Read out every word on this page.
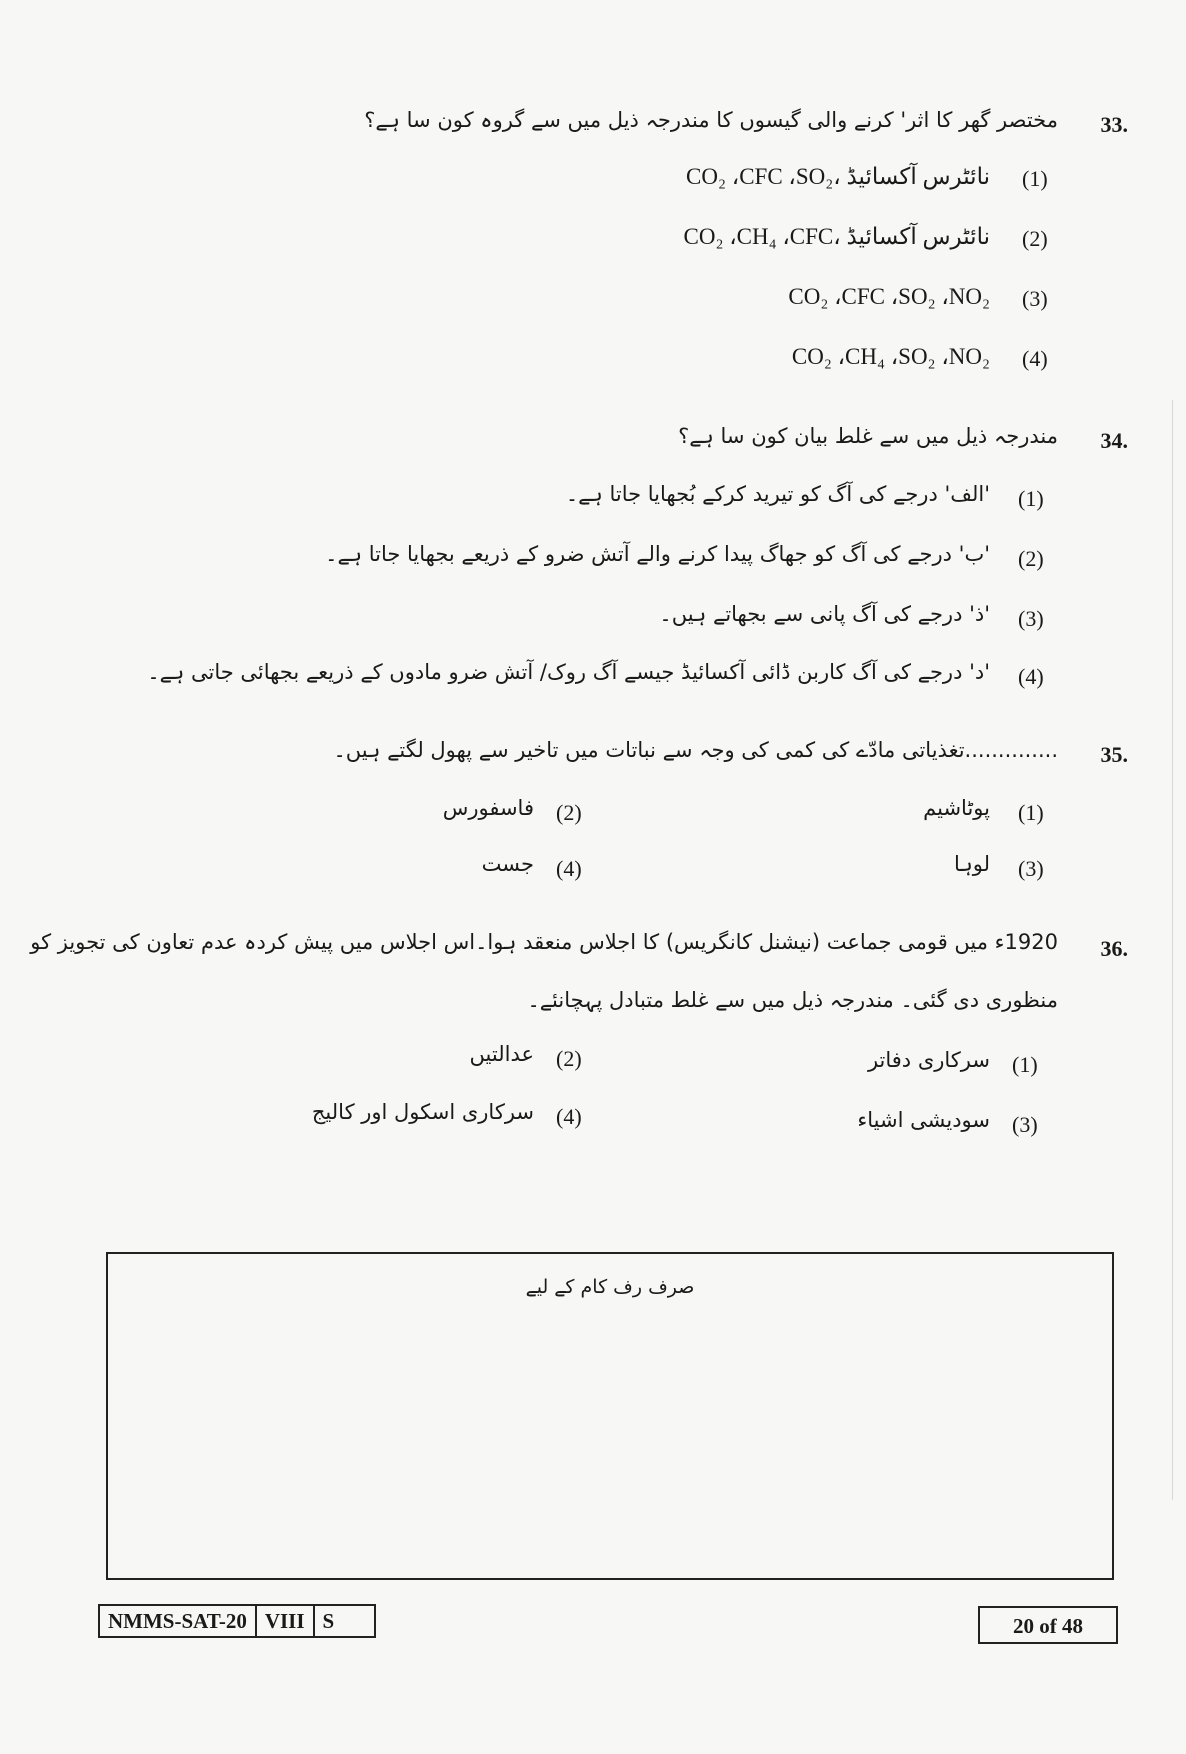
33.
مختصر گھر کا اثر' کرنے والی گیسوں کا مندرجہ ذیل میں سے گروہ کون سا ہے؟
(1)
CO₂ ،CFC ،SO₂، نائٹرس آکسائیڈ
(2)
CO₂ ،CH₄ ،CFC، نائٹرس آکسائیڈ
(3)
CO₂ ،CFC ،SO₂ ،NO₂
(4)
CO₂ ،CH₄ ،SO₂ ،NO₂
34.
مندرجہ ذیل میں سے غلط بیان کون سا ہے؟
(1)
'الف' درجے کی آگ کو تیرید کرکے بُجھایا جاتا ہے۔
(2)
'ب' درجے کی آگ کو جھاگ پیدا کرنے والے آتش ضرو کے ذریعے بجھایا جاتا ہے۔
(3)
'ذ' درجے کی آگ پانی سے بجھاتے ہیں۔
(4)
'د' درجے کی آگ کاربن ڈائی آکسائیڈ جیسے آگ روک/ آتش ضرو مادوں کے ذریعے بجھائی جاتی ہے۔
35.
..............تغذیاتی مادّے کی کمی کی وجہ سے نباتات میں تاخیر سے پھول لگتے ہیں۔
(1)
پوٹاشیم
(2)
فاسفورس
(3)
لوہا
(4)
جست
36.
1920ء میں قومی جماعت (نیشنل کانگریس) کا اجلاس منعقد ہوا۔اس اجلاس میں پیش کردہ عدم تعاون کی تجویز کو
منظوری دی گئی۔ مندرجہ ذیل میں سے غلط متبادل پہچانئے۔
(1)
سرکاری دفاتر
(2)
عدالتیں
(3)
سودیشی اشیاء
(4)
سرکاری اسکول اور کالیج
صرف رف کام کے لیے
NMMS-SAT-20 VIII S	20 of 48
